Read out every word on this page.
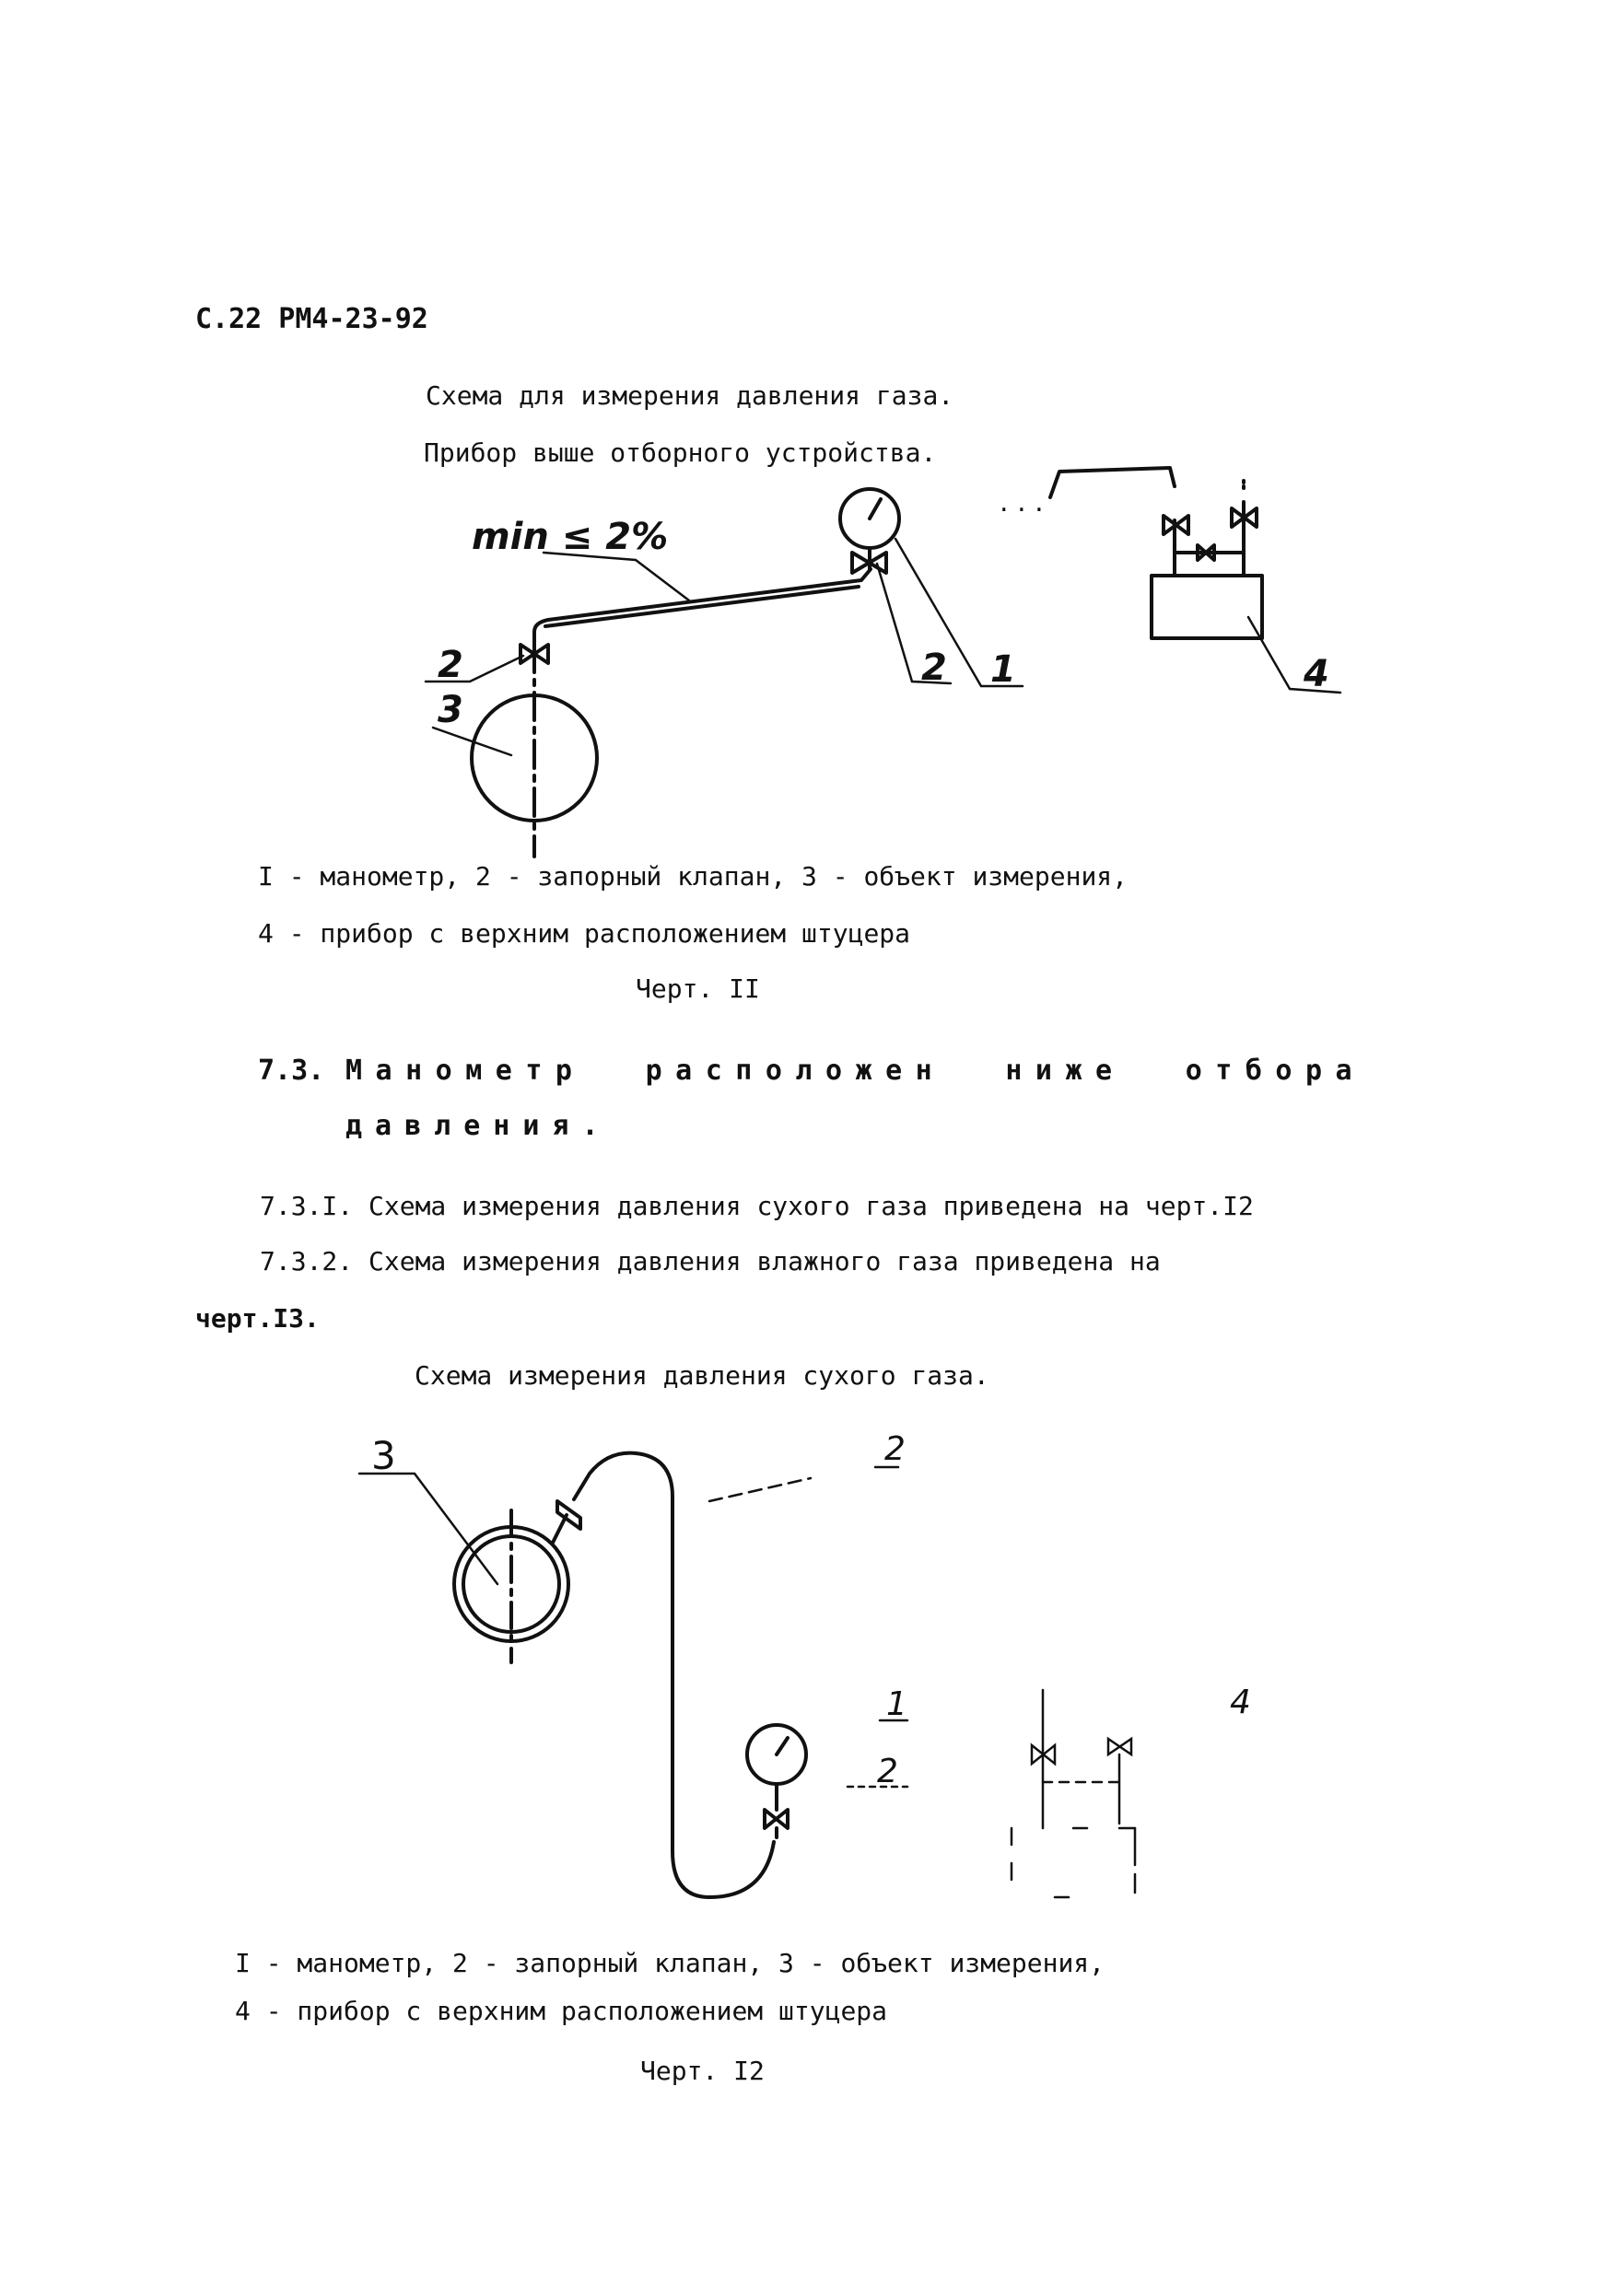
С.22 РМ4-23-92
Схема для измерения давления газа.
Прибор выше отборного устройства.
. . .
min ≤ 2%
2
3
2 1	4
3	2
1
2
4
I - манометр, 2 - запорный клапан, 3 - объект измерения,
4 - прибор с верхним расположением штуцера
Черт. II
7.3. Манометр  расположен  ниже  отбора
давления.
7.3.I. Схема измерения давления сухого газа приведена на черт.I2
7.3.2. Схема измерения давления влажного газа приведена на
черт.I3.
Схема измерения давления сухого газа.
I - манометр, 2 - запорный клапан, 3 - объект измерения,
4 - прибор с верхним расположением штуцера
Черт. I2
